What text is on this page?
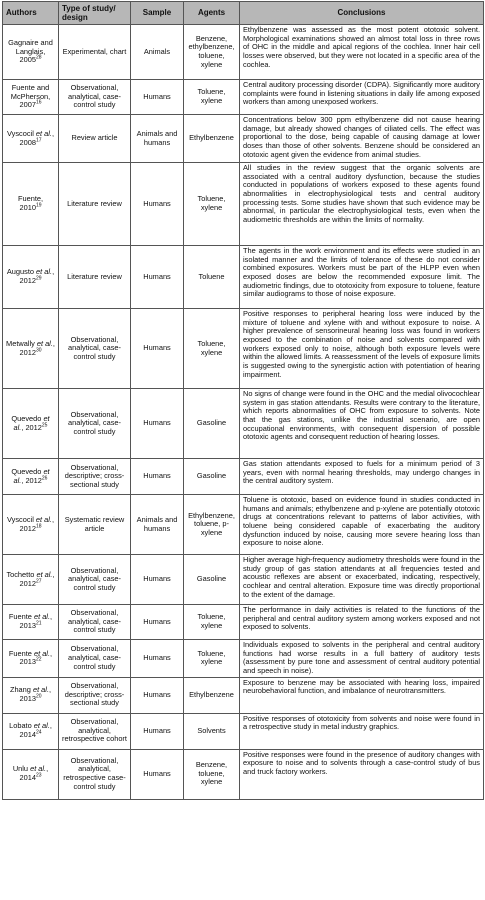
Authors	Type of study/ design	Sample	Agents	Conclusions
Gagnaire and Langlais, 2005$^{28}$	Experimental, chart	Animals	Benzene, ethylbenzene, toluene, xylene	Ethylbenzene was assessed as the most potent ototoxic solvent. Morphological examinations showed an almost total loss in three rows of OHC in the middle and apical regions of the cochlea. Inner hair cell losses were observed, but they were not located in a specific area of the cochlea.
Fuente and McPherson, 2007$^{16}$	Observational, analytical, case-control study	Humans	Toluene, xylene	Central auditory processing disorder (CDPA). Significantly more auditory complaints were found in listening situations in daily life among exposed workers than among unexposed workers.
Vyscocil et al., 2008$^{17}$	Review article	Animals and humans	Ethylbenzene	Concentrations below 300 ppm ethylbenzene did not cause hearing damage, but already showed changes of ciliated cells. The effect was proportional to the dose, being capable of causing damage at lower doses than those of other solvents. Benzene should be considered an ototoxic agent given the evidence from animal studies.
Fuente, 2010$^{19}$	Literature review	Humans	Toluene, xylene	All studies in the review suggest that the organic solvents are associated with a central auditory dysfunction, because the studies conducted in populations of workers exposed to these agents found abnormalities in electrophysiological tests and central auditory processing tests. Some studies have shown that such evidence may be abnormal, in particular the electrophysiological tests, even when the audiometric thresholds are within the limits of normality.
Augusto et al., 2012$^{29}$	Literature review	Humans	Toluene	The agents in the work environment and its effects were studied in an isolated manner and the limits of tolerance of these do not consider combined exposures. Workers must be part of the HLPP even when exposed doses are below the recommended exposure limit. The audiometric findings, due to ototoxicity from exposure to toluene, feature similar audiograms to those of noise exposure.
Metwally et al., 2012$^{30}$	Observational, analytical, case-control study	Humans	Toluene, xylene	Positive responses to peripheral hearing loss were induced by the mixture of toluene and xylene with and without exposure to noise. A higher prevalence of sensorineural hearing loss was found in workers exposed to the combination of noise and solvents compared with workers exposed only to noise, although both exposure levels were within the allowed limits. A reassessment of the levels of exposure limits is suggested owing to the synergistic action with potentiation of hearing impairment.
Quevedo et al., 2012$^{25}$	Observational, analytical, case-control study	Humans	Gasoline	No signs of change were found in the OHC and the medial olivocochlear system in gas station attendants. Results were contrary to the literature, which reports abnormalities of OHC from exposure to solvents. Note that the gas stations, unlike the industrial scenario, are open occupational environments, with consequent dispersion of possible ototoxic agents and consequent reduction of hearing losses.
Quevedo et al., 2012$^{26}$	Observational, descriptive; cross-sectional study	Humans	Gasoline	Gas station attendants exposed to fuels for a minimum period of 3 years, even with normal hearing thresholds, may undergo changes in the central auditory system.
Vyscocil et al., 2012$^{18}$	Systematic review article	Animals and humans	Ethylbenzene, toluene, p-xylene	Toluene is ototoxic, based on evidence found in studies conducted in humans and animals; ethylbenzene and p-xylene are potentially ototoxic drugs at concentrations relevant to patterns of labor activities, with toluene being considered capable of exacerbating the auditory dysfunction induced by noise, causing more severe hearing loss than exposure to noise alone.
Tochetto et al., 2012$^{27}$	Observational, analytical, case-control study	Humans	Gasoline	Higher average high-frequency audiometry thresholds were found in the study group of gas station attendants at all frequencies tested and acoustic reflexes are absent or exacerbated, indicating, respectively, cochlear and central alteration. Exposure time was directly proportional to the extent of the damage.
Fuente et al., 2013$^{21}$	Observational, analytical, case-control study	Humans	Toluene, xylene	The performance in daily activities is related to the functions of the peripheral and central auditory system among workers exposed and not exposed to solvents.
Fuente et al., 2013$^{22}$	Observational, analytical, case-control study	Humans	Toluene, xylene	Individuals exposed to solvents in the peripheral and central auditory functions had worse results in a full battery of auditory tests (assessment by pure tone and assessment of central auditory potential and speech in noise).
Zhang et al., 2013$^{20}$	Observational, descriptive; cross-sectional study	Humans	Ethylbenzene	Exposure to benzene may be associated with hearing loss, impaired neurobehavioral function, and imbalance of neurotransmitters.
Lobato et al., 2014$^{24}$	Observational, analytical, retrospective cohort	Humans	Solvents	Positive responses of ototoxicity from solvents and noise were found in a retrospective study in metal industry graphics.
Unlu et al., 2014$^{23}$	Observational, analytical, retrospective case-control study	Humans	Benzene, toluene, xylene	Positive responses were found in the presence of auditory changes with exposure to noise and to solvents through a case-control study of bus and truck factory workers.
